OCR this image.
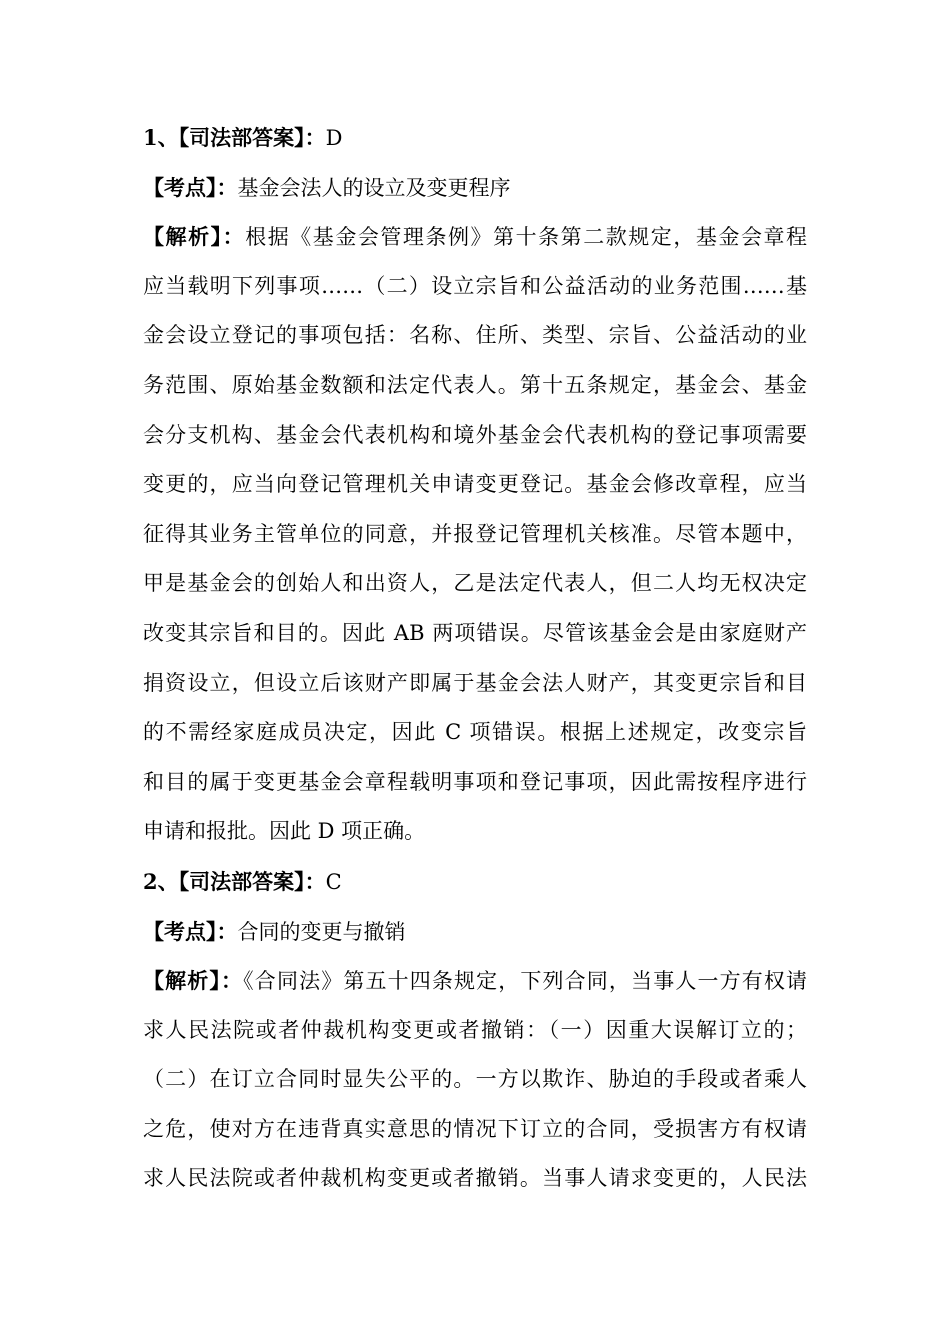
1、【司法部答案】：D
【考点】：基金会法人的设立及变更程序
【解析】：根据《基金会管理条例》第十条第二款规定，基金会章程
应当载明下列事项……（二）设立宗旨和公益活动的业务范围……基
金会设立登记的事项包括：名称、住所、类型、宗旨、公益活动的业
务范围、原始基金数额和法定代表人。第十五条规定，基金会、基金
会分支机构、基金会代表机构和境外基金会代表机构的登记事项需要
变更的，应当向登记管理机关申请变更登记。基金会修改章程，应当
征得其业务主管单位的同意，并报登记管理机关核准。尽管本题中，
甲是基金会的创始人和出资人，乙是法定代表人，但二人均无权决定
改变其宗旨和目的。因此 AB 两项错误。尽管该基金会是由家庭财产
捐资设立，但设立后该财产即属于基金会法人财产，其变更宗旨和目
的不需经家庭成员决定，因此 C 项错误。根据上述规定，改变宗旨
和目的属于变更基金会章程载明事项和登记事项，因此需按程序进行
申请和报批。因此 D 项正确。
2、【司法部答案】：C
【考点】：合同的变更与撤销
【解析】：《合同法》第五十四条规定，下列合同，当事人一方有权请
求人民法院或者仲裁机构变更或者撤销：（一）因重大误解订立的；
（二）在订立合同时显失公平的。一方以欺诈、胁迫的手段或者乘人
之危，使对方在违背真实意思的情况下订立的合同，受损害方有权请
求人民法院或者仲裁机构变更或者撤销。当事人请求变更的，人民法
